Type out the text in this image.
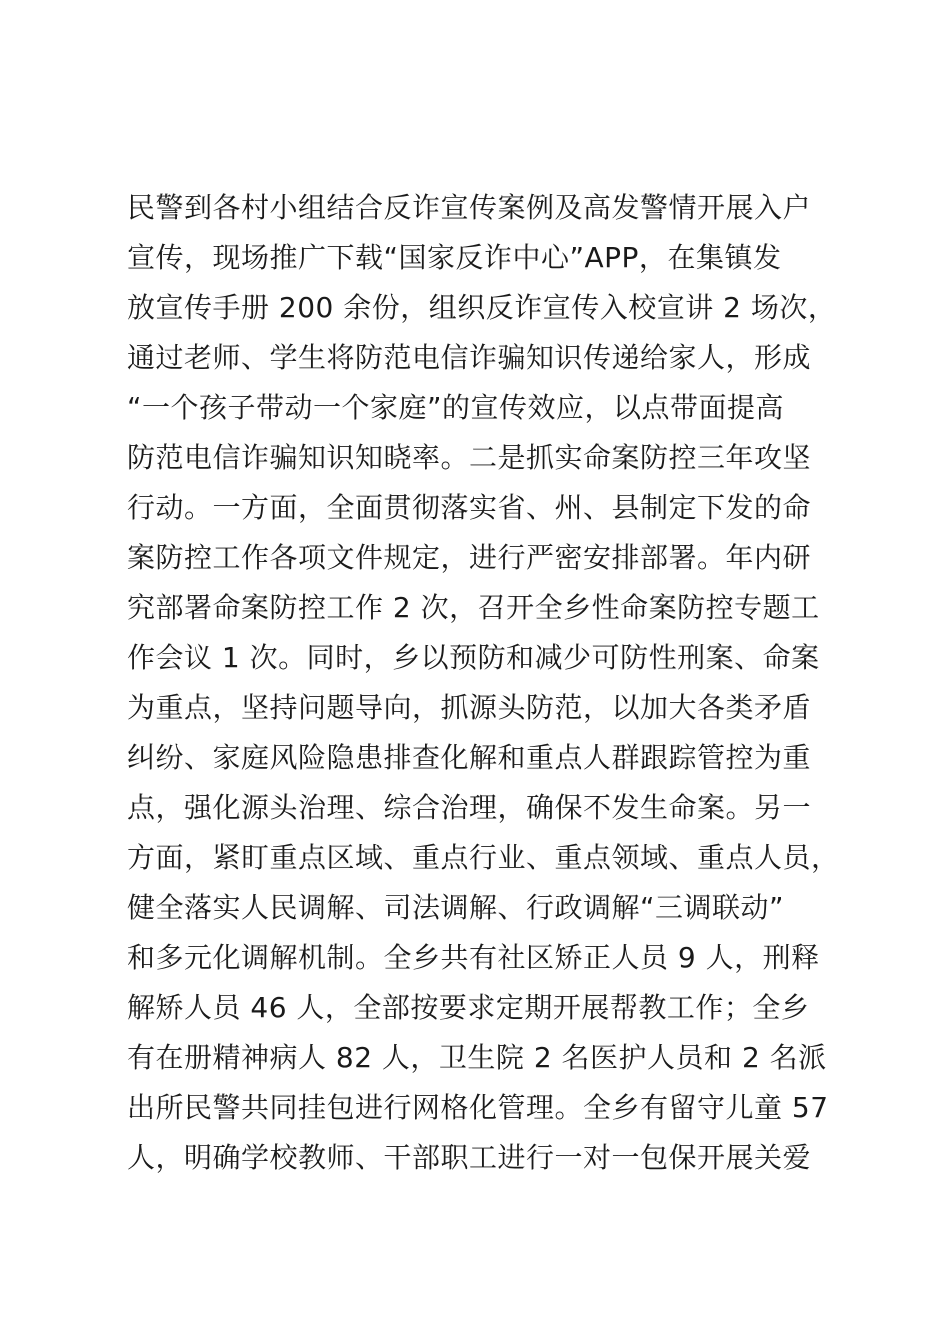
民警到各村小组结合反诈宣传案例及高发警情开展入户
宣传，现场推广下载“国家反诈中心”APP，在集镇发
放宣传手册 200 余份，组织反诈宣传入校宣讲 2 场次，
通过老师、学生将防范电信诈骗知识传递给家人，形成
“一个孩子带动一个家庭”的宣传效应，以点带面提高
防范电信诈骗知识知晓率。二是抓实命案防控三年攻坚
行动。一方面，全面贯彻落实省、州、县制定下发的命
案防控工作各项文件规定，进行严密安排部署。年内研
究部署命案防控工作 2 次，召开全乡性命案防控专题工
作会议 1 次。同时，乡以预防和减少可防性刑案、命案
为重点，坚持问题导向，抓源头防范，以加大各类矛盾
纠纷、家庭风险隐患排查化解和重点人群跟踪管控为重
点，强化源头治理、综合治理，确保不发生命案。另一
方面，紧盯重点区域、重点行业、重点领域、重点人员，
健全落实人民调解、司法调解、行政调解“三调联动”
和多元化调解机制。全乡共有社区矫正人员 9 人，刑释
解矫人员 46 人，全部按要求定期开展帮教工作；全乡
有在册精神病人 82 人，卫生院 2 名医护人员和 2 名派
出所民警共同挂包进行网格化管理。全乡有留守儿童 57
人，明确学校教师、干部职工进行一对一包保开展关爱
